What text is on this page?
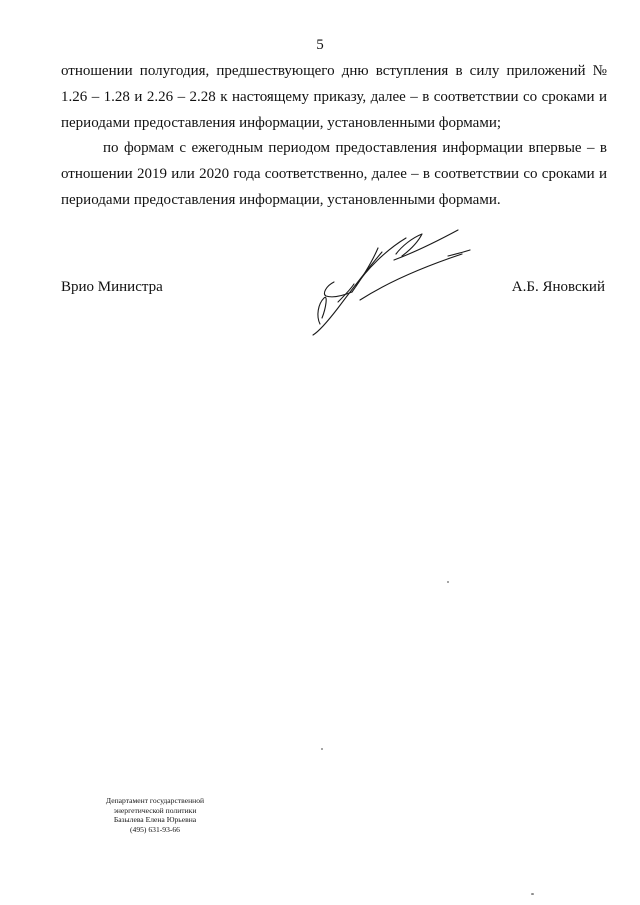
5

отношении полугодия, предшествующего дню вступления в силу приложений № 1.26 – 1.28 и 2.26 – 2.28 к настоящему приказу, далее – в соответствии со сроками и периодами предоставления информации, установленными формами;

по формам с ежегодным периодом предоставления информации впервые – в отношении 2019 или 2020 года соответственно, далее – в соответствии со сроками и периодами предоставления информации, установленными формами.

Врио Министра	А.Б. Яновский
Департамент государственной
энергетической политики
Базылева Елена Юрьевна
(495) 631-93-66
